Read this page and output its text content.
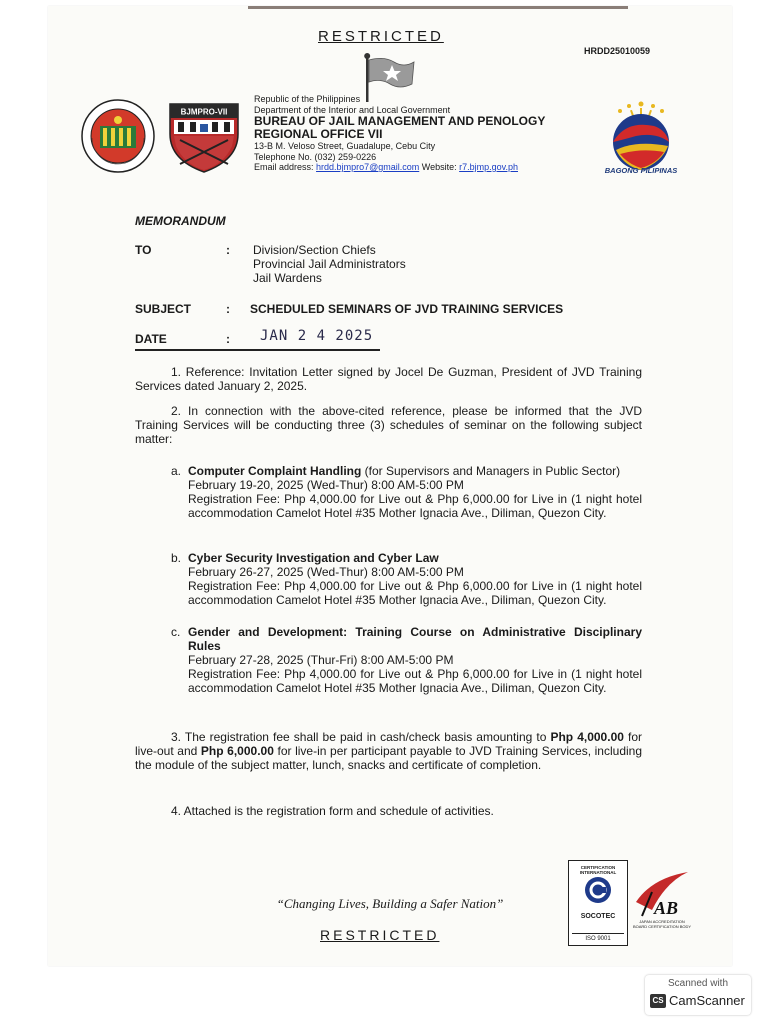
RESTRICTED
HRDD25010059
BJMPRO-VII
Republic of the Philippines
Department of the Interior and Local Government
BUREAU OF JAIL MANAGEMENT AND PENOLOGY
REGIONAL OFFICE VII
13-B M. Veloso Street, Guadalupe, Cebu City
Telephone No. (032) 259-0226
Email address: hrdd.bjmpro7@gmail.com Website: r7.bjmp.gov.ph	BAGONG PILIPINAS
MEMORANDUM
TO	: Division/Section Chiefs
Provincial Jail Administrators
Jail Wardens
SUBJECT	: SCHEDULED SEMINARS OF JVD TRAINING SERVICES
DATE	: JAN 2 4 2025
1. Reference: Invitation Letter signed by Jocel De Guzman, President of JVD Training Services dated January 2, 2025.
2. In connection with the above-cited reference, please be informed that the JVD Training Services will be conducting three (3) schedules of seminar on the following subject matter:
a. Computer Complaint Handling (for Supervisors and Managers in Public Sector)
February 19-20, 2025 (Wed-Thur) 8:00 AM-5:00 PM
Registration Fee: Php 4,000.00 for Live out & Php 6,000.00 for Live in (1 night hotel accommodation Camelot Hotel #35 Mother Ignacia Ave., Diliman, Quezon City.
b. Cyber Security Investigation and Cyber Law
February 26-27, 2025 (Wed-Thur) 8:00 AM-5:00 PM
Registration Fee: Php 4,000.00 for Live out & Php 6,000.00 for Live in (1 night hotel accommodation Camelot Hotel #35 Mother Ignacia Ave., Diliman, Quezon City.
c. Gender and Development: Training Course on Administrative Disciplinary Rules
February 27-28, 2025 (Thur-Fri) 8:00 AM-5:00 PM
Registration Fee: Php 4,000.00 for Live out & Php 6,000.00 for Live in (1 night hotel accommodation Camelot Hotel #35 Mother Ignacia Ave., Diliman, Quezon City.
3. The registration fee shall be paid in cash/check basis amounting to Php 4,000.00 for live-out and Php 6,000.00 for live-in per participant payable to JVD Training Services, including the module of the subject matter, lunch, snacks and certificate of completion.
4. Attached is the registration form and schedule of activities.
“Changing Lives, Building a Safer Nation”
RESTRICTED
CERTIFICATION INTERNATIONAL
SOCOTEC
ISO 9001
AB
JAPAN ACCREDITATION BOARD CERTIFICATION BODY
Scanned with
CS CamScanner
